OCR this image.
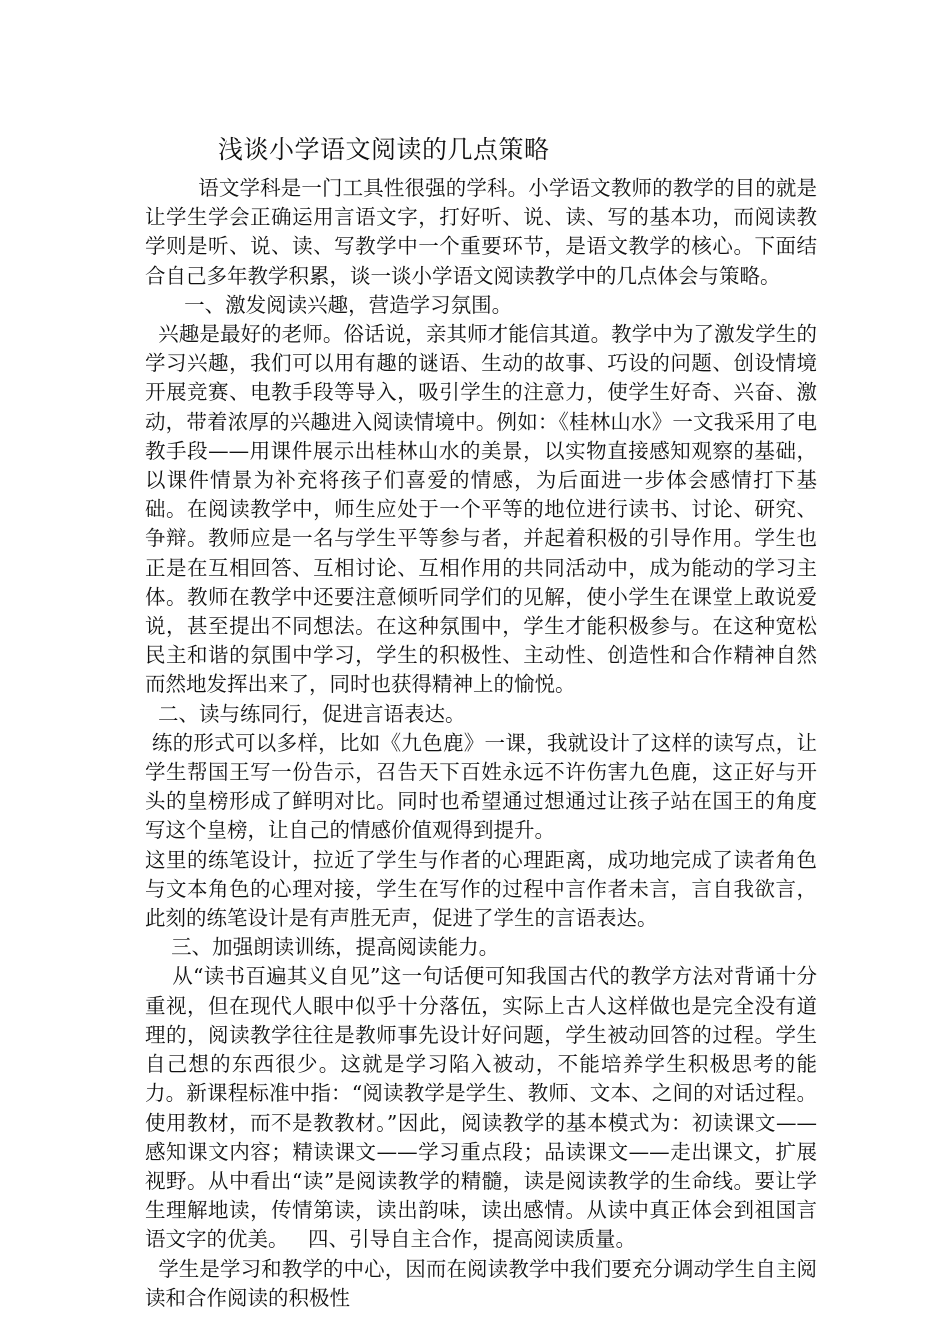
浅谈小学语文阅读的几点策略

语文学科是一门工具性很强的学科。小学语文教师的教学的目的就是让学生学会正确运用言语文字，打好听、说、读、写的基本功，而阅读教学则是听、说、读、写教学中一个重要环节，是语文教学的核心。下面结合自己多年教学积累，谈一谈小学语文阅读教学中的几点体会与策略。

一、激发阅读兴趣，营造学习氛围。

兴趣是最好的老师。俗话说，亲其师才能信其道。教学中为了激发学生的学习兴趣，我们可以用有趣的谜语、生动的故事、巧设的问题、创设情境开展竞赛、电教手段等导入，吸引学生的注意力，使学生好奇、兴奋、激动，带着浓厚的兴趣进入阅读情境中。例如：《桂林山水》一文我采用了电教手段——用课件展示出桂林山水的美景，以实物直接感知观察的基础，以课件情景为补充将孩子们喜爱的情感，为后面进一步体会感情打下基础。在阅读教学中，师生应处于一个平等的地位进行读书、讨论、研究、争辩。教师应是一名与学生平等参与者，并起着积极的引导作用。学生也正是在互相回答、互相讨论、互相作用的共同活动中，成为能动的学习主体。教师在教学中还要注意倾听同学们的见解，使小学生在课堂上敢说爱说，甚至提出不同想法。在这种氛围中，学生才能积极参与。在这种宽松民主和谐的氛围中学习，学生的积极性、主动性、创造性和合作精神自然而然地发挥出来了，同时也获得精神上的愉悦。

二、读与练同行，促进言语表达。

练的形式可以多样，比如《九色鹿》一课，我就设计了这样的读写点，让学生帮国王写一份告示，召告天下百姓永远不许伤害九色鹿，这正好与开头的皇榜形成了鲜明对比。同时也希望通过想通过让孩子站在国王的角度写这个皇榜，让自己的情感价值观得到提升。

这里的练笔设计，拉近了学生与作者的心理距离，成功地完成了读者角色与文本角色的心理对接，学生在写作的过程中言作者未言，言自我欲言，此刻的练笔设计是有声胜无声，促进了学生的言语表达。

三、加强朗读训练，提高阅读能力。

从“读书百遍其义自见”这一句话便可知我国古代的教学方法对背诵十分重视，但在现代人眼中似乎十分落伍，实际上古人这样做也是完全没有道理的，阅读教学往往是教师事先设计好问题，学生被动回答的过程。学生自己想的东西很少。这就是学习陷入被动，不能培养学生积极思考的能力。新课程标准中指：“阅读教学是学生、教师、文本、之间的对话过程。使用教材，而不是教教材。”因此，阅读教学的基本模式为：初读课文——感知课文内容；精读课文——学习重点段；品读课文——走出课文，扩展视野。从中看出“读”是阅读教学的精髓，读是阅读教学的生命线。要让学生理解地读，传情第读，读出韵味，读出感情。从读中真正体会到祖国言语文字的优美。   四、引导自主合作，提高阅读质量。

学生是学习和教学的中心，因而在阅读教学中我们要充分调动学生自主阅读和合作阅读的积极性
